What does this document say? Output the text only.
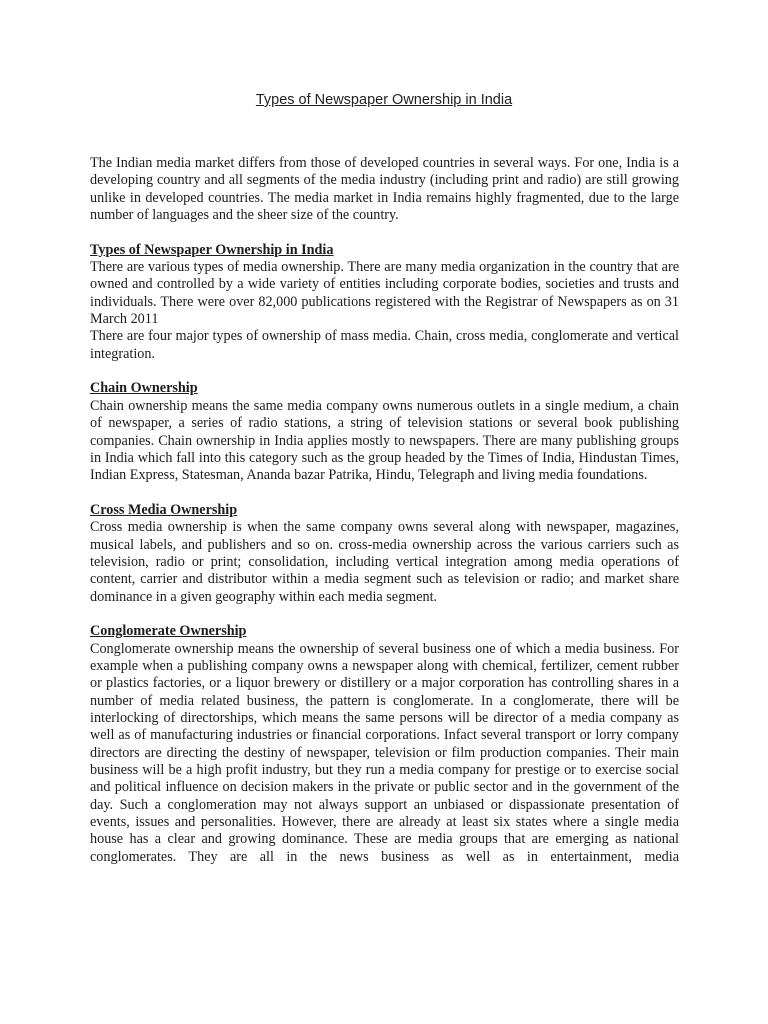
Types of Newspaper Ownership in India

The Indian media market differs from those of developed countries in several ways. For one, India is a developing country and all segments of the media industry (including print and radio) are still growing unlike in developed countries. The media market in India remains highly fragmented, due to the large number of languages and the sheer size of the country.

Types of Newspaper Ownership in India

There are various types of media ownership. There are many media organization in the country that are owned and controlled by a wide variety of entities including corporate bodies, societies and trusts and individuals. There were over 82,000 publications registered with the Registrar of Newspapers as on 31 March 2011

There are four major types of ownership of mass media. Chain, cross media, conglomerate and vertical integration.

Chain Ownership

Chain ownership means the same media company owns numerous outlets in a single medium, a chain of newspaper, a series of radio stations, a string of television stations or several book publishing companies. Chain ownership in India applies mostly to newspapers. There are many publishing groups in India which fall into this category such as the group headed by the Times of India, Hindustan Times, Indian Express, Statesman, Ananda bazar Patrika, Hindu, Telegraph and living media foundations.

Cross Media Ownership

Cross media ownership is when the same company owns several along with newspaper, magazines, musical labels, and publishers and so on. cross-media ownership across the various carriers such as television, radio or print; consolidation, including vertical integration among media operations of content, carrier and distributor within a media segment such as television or radio; and market share dominance in a given geography within each media segment.

Conglomerate Ownership

Conglomerate ownership means the ownership of several business one of which a media business. For example when a publishing company owns a newspaper along with chemical, fertilizer, cement rubber or plastics factories, or a liquor brewery or distillery or a major corporation has controlling shares in a number of media related business, the pattern is conglomerate. In a conglomerate, there will be interlocking of directorships, which means the same persons will be director of a media company as well as of manufacturing industries or financial corporations. Infact several transport or lorry company directors are directing the destiny of newspaper, television or film production companies. Their main business will be a high profit industry, but they run a media company for prestige or to exercise social and political influence on decision makers in the private or public sector and in the government of the day. Such a conglomeration may not always support an unbiased or dispassionate presentation of events, issues and personalities. However, there are already at least six states where a single media house has a clear and growing dominance. These are media groups that are emerging as national conglomerates. They are all in the news business as well as in entertainment, media
